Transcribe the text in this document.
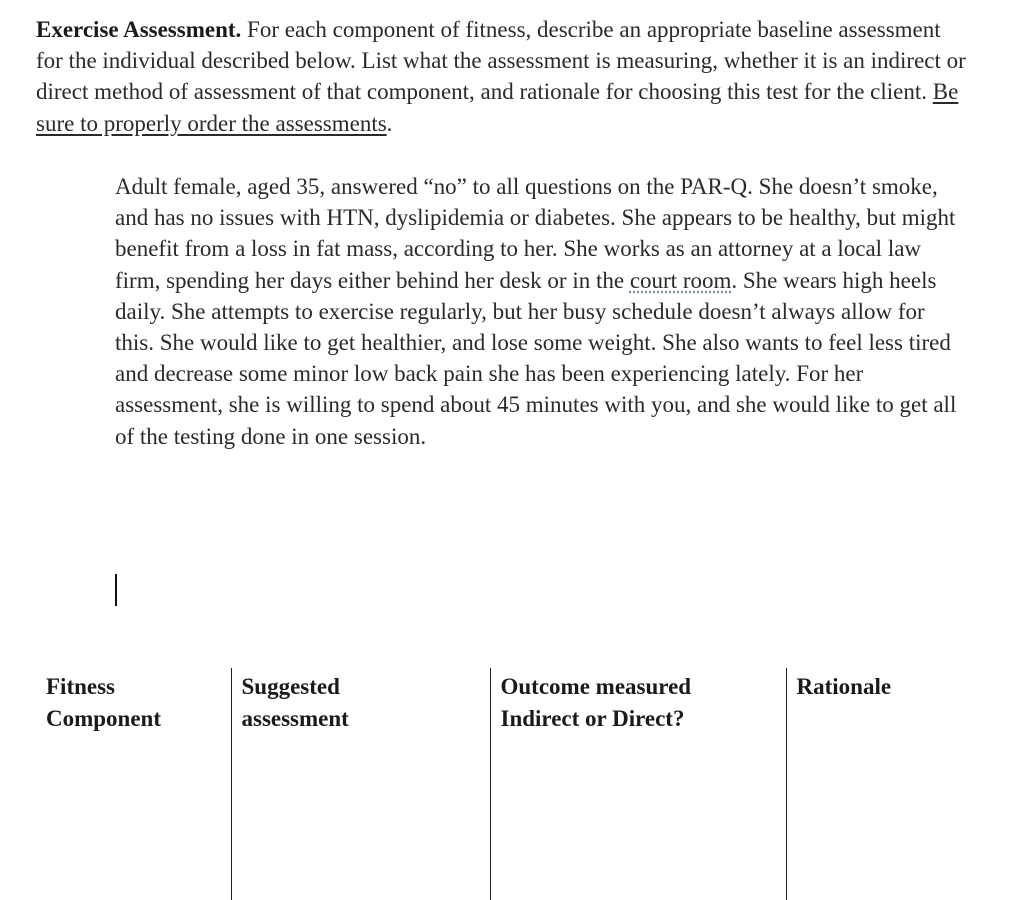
Exercise Assessment. For each component of fitness, describe an appropriate baseline assessment for the individual described below. List what the assessment is measuring, whether it is an indirect or direct method of assessment of that component, and rationale for choosing this test for the client. Be sure to properly order the assessments.

Adult female, aged 35, answered “no” to all questions on the PAR-Q. She doesn’t smoke, and has no issues with HTN, dyslipidemia or diabetes. She appears to be healthy, but might benefit from a loss in fat mass, according to her. She works as an attorney at a local law firm, spending her days either behind her desk or in the court room. She wears high heels daily. She attempts to exercise regularly, but her busy schedule doesn’t always allow for this. She would like to get healthier, and lose some weight. She also wants to feel less tired and decrease some minor low back pain she has been experiencing lately. For her assessment, she is willing to spend about 45 minutes with you, and she would like to get all of the testing done in one session.

Fitness
Component

Suggested
assessment

Outcome measured
Indirect or Direct?

Rationale
